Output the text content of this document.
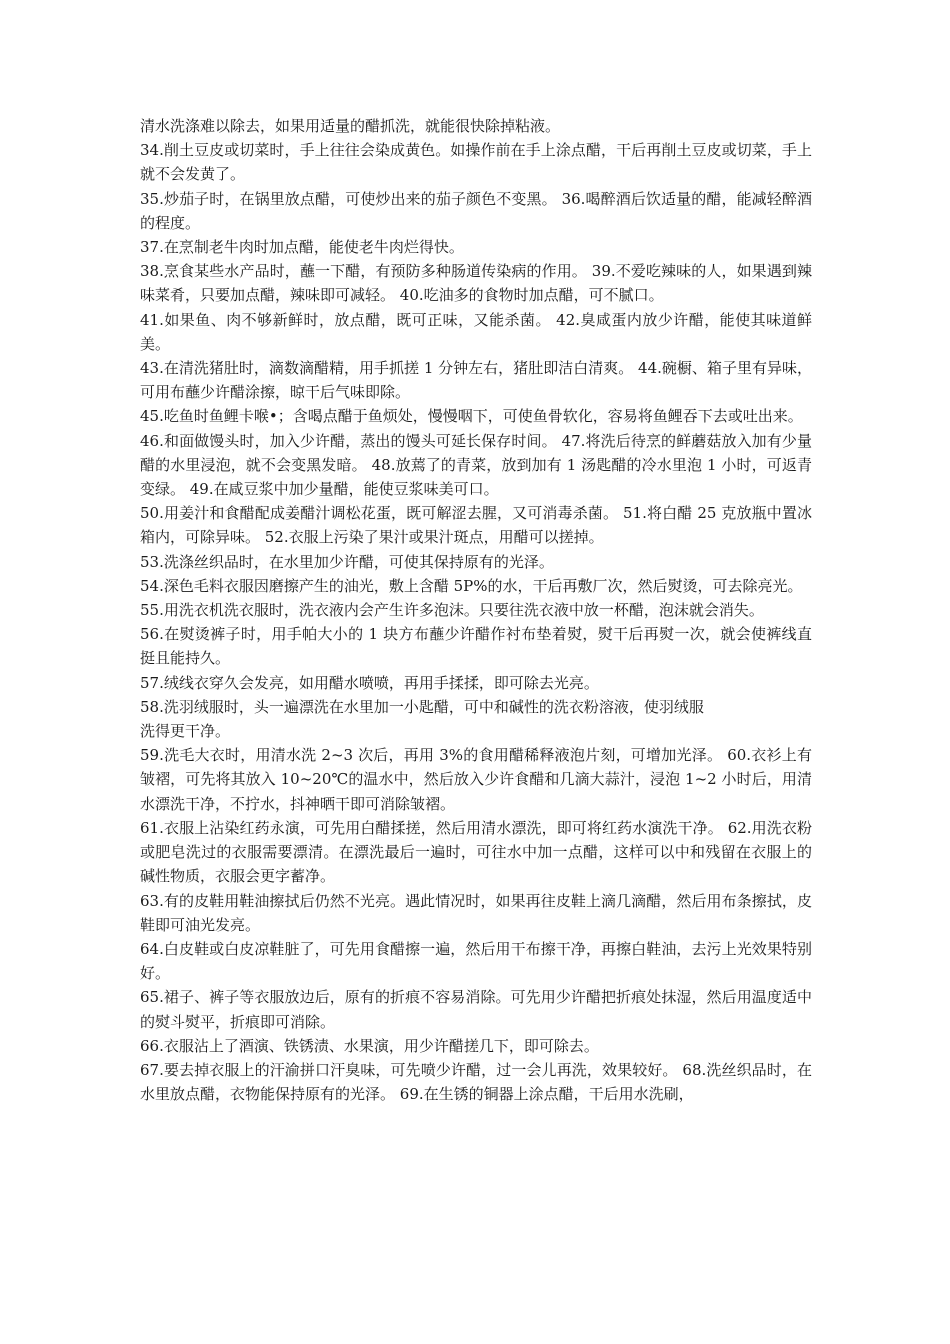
清水洗涤难以除去，如果用适量的醋抓洗，就能很快除掉粘液。

34.削土豆皮或切菜时，手上往往会染成黄色。如操作前在手上涂点醋，干后再削土豆皮或切菜，手上就不会发黄了。

35.炒茄子时，在锅里放点醋，可使炒出来的茄子颜色不变黑。 36.喝醉酒后饮适量的醋，能减轻醉酒的程度。

37.在烹制老牛肉时加点醋，能使老牛肉烂得快。

38.烹食某些水产品时，蘸一下醋，有预防多种肠道传染病的作用。 39.不爱吃辣味的人，如果遇到辣味菜肴，只要加点醋，辣味即可减轻。 40.吃油多的食物时加点醋，可不腻口。

41.如果鱼、肉不够新鲜时，放点醋，既可正味，又能杀菌。 42.臭咸蛋内放少许醋，能使其味道鲜美。

43.在清洗猪肚时，滴数滴醋精，用手抓搓 1 分钟左右，猪肚即洁白清爽。 44.碗橱、箱子里有异味，可用布蘸少许醋涂擦，晾干后气味即除。

45.吃鱼时鱼鲤卡喉•；含喝点醋于鱼烦处，慢慢咽下，可使鱼骨软化，容易将鱼鲤吞下去或吐出来。

46.和面做馒头时，加入少许醋，蒸出的馒头可延长保存时间。 47.将洗后待烹的鲜蘑菇放入加有少量醋的水里浸泡，就不会变黑发暗。 48.放蔫了的青菜，放到加有 1 汤匙醋的冷水里泡 1 小时，可返青变绿。 49.在咸豆浆中加少量醋，能使豆浆味美可口。

50.用姜汁和食醋配成姜醋汁调松花蛋，既可解涩去腥，又可消毒杀菌。 51.将白醋 25 克放瓶中置冰箱内，可除异味。 52.衣服上污染了果汁或果汁斑点，用醋可以搓掉。

53.洗涤丝织品时，在水里加少许醋，可使其保持原有的光泽。

54.深色毛料衣服因磨擦产生的油光，敷上含醋 5P%的水，干后再敷厂次，然后熨烫，可去除亮光。

55.用洗衣机洗衣服时，洗衣液内会产生许多泡沫。只要往洗衣液中放一杯醋，泡沫就会消失。

56.在熨烫裤子时，用手帕大小的 1 块方布蘸少许醋作衬布垫着熨，熨干后再熨一次，就会使裤线直挺且能持久。

57.绒线衣穿久会发亮，如用醋水喷喷，再用手揉揉，即可除去光亮。

58.洗羽绒服时，头一遍漂洗在水里加一小匙醋，可中和碱性的洗衣粉溶液，使羽绒服
洗得更干净。

59.洗毛大衣时，用清水洗 2~3 次后，再用 3%的食用醋稀释液泡片刻，可增加光泽。 60.衣衫上有皱褶，可先将其放入 10~20℃的温水中，然后放入少许食醋和几滴大蒜汁，浸泡 1~2 小时后，用清水漂洗干净，不拧水，抖神晒干即可消除皱褶。

61.衣服上沾染红药永演，可先用白醋揉搓，然后用清水漂洗，即可将红药水演洗干净。 62.用洗衣粉或肥皂洗过的衣服需要漂清。在漂洗最后一遍时，可往水中加一点醋，这样可以中和残留在衣服上的碱性物质，衣服会更字蓄净。

63.有的皮鞋用鞋油擦拭后仍然不光亮。遇此情况时，如果再往皮鞋上滴几滴醋，然后用布条擦拭，皮鞋即可油光发亮。

64.白皮鞋或白皮凉鞋脏了，可先用食醋擦一遍，然后用干布擦干净，再擦白鞋油，去污上光效果特别好。

65.裙子、裤子等衣服放边后，原有的折痕不容易消除。可先用少许醋把折痕处抹湿，然后用温度适中的熨斗熨平，折痕即可消除。

66.衣服沾上了酒演、铁锈渍、水果演，用少许醋搓几下，即可除去。

67.要去掉衣服上的汗渝拼口汗臭味，可先喷少许醋，过一会儿再洗，效果较好。 68.洗丝织品时，在水里放点醋，衣物能保持原有的光泽。 69.在生锈的铜器上涂点醋，干后用水洗刷，
